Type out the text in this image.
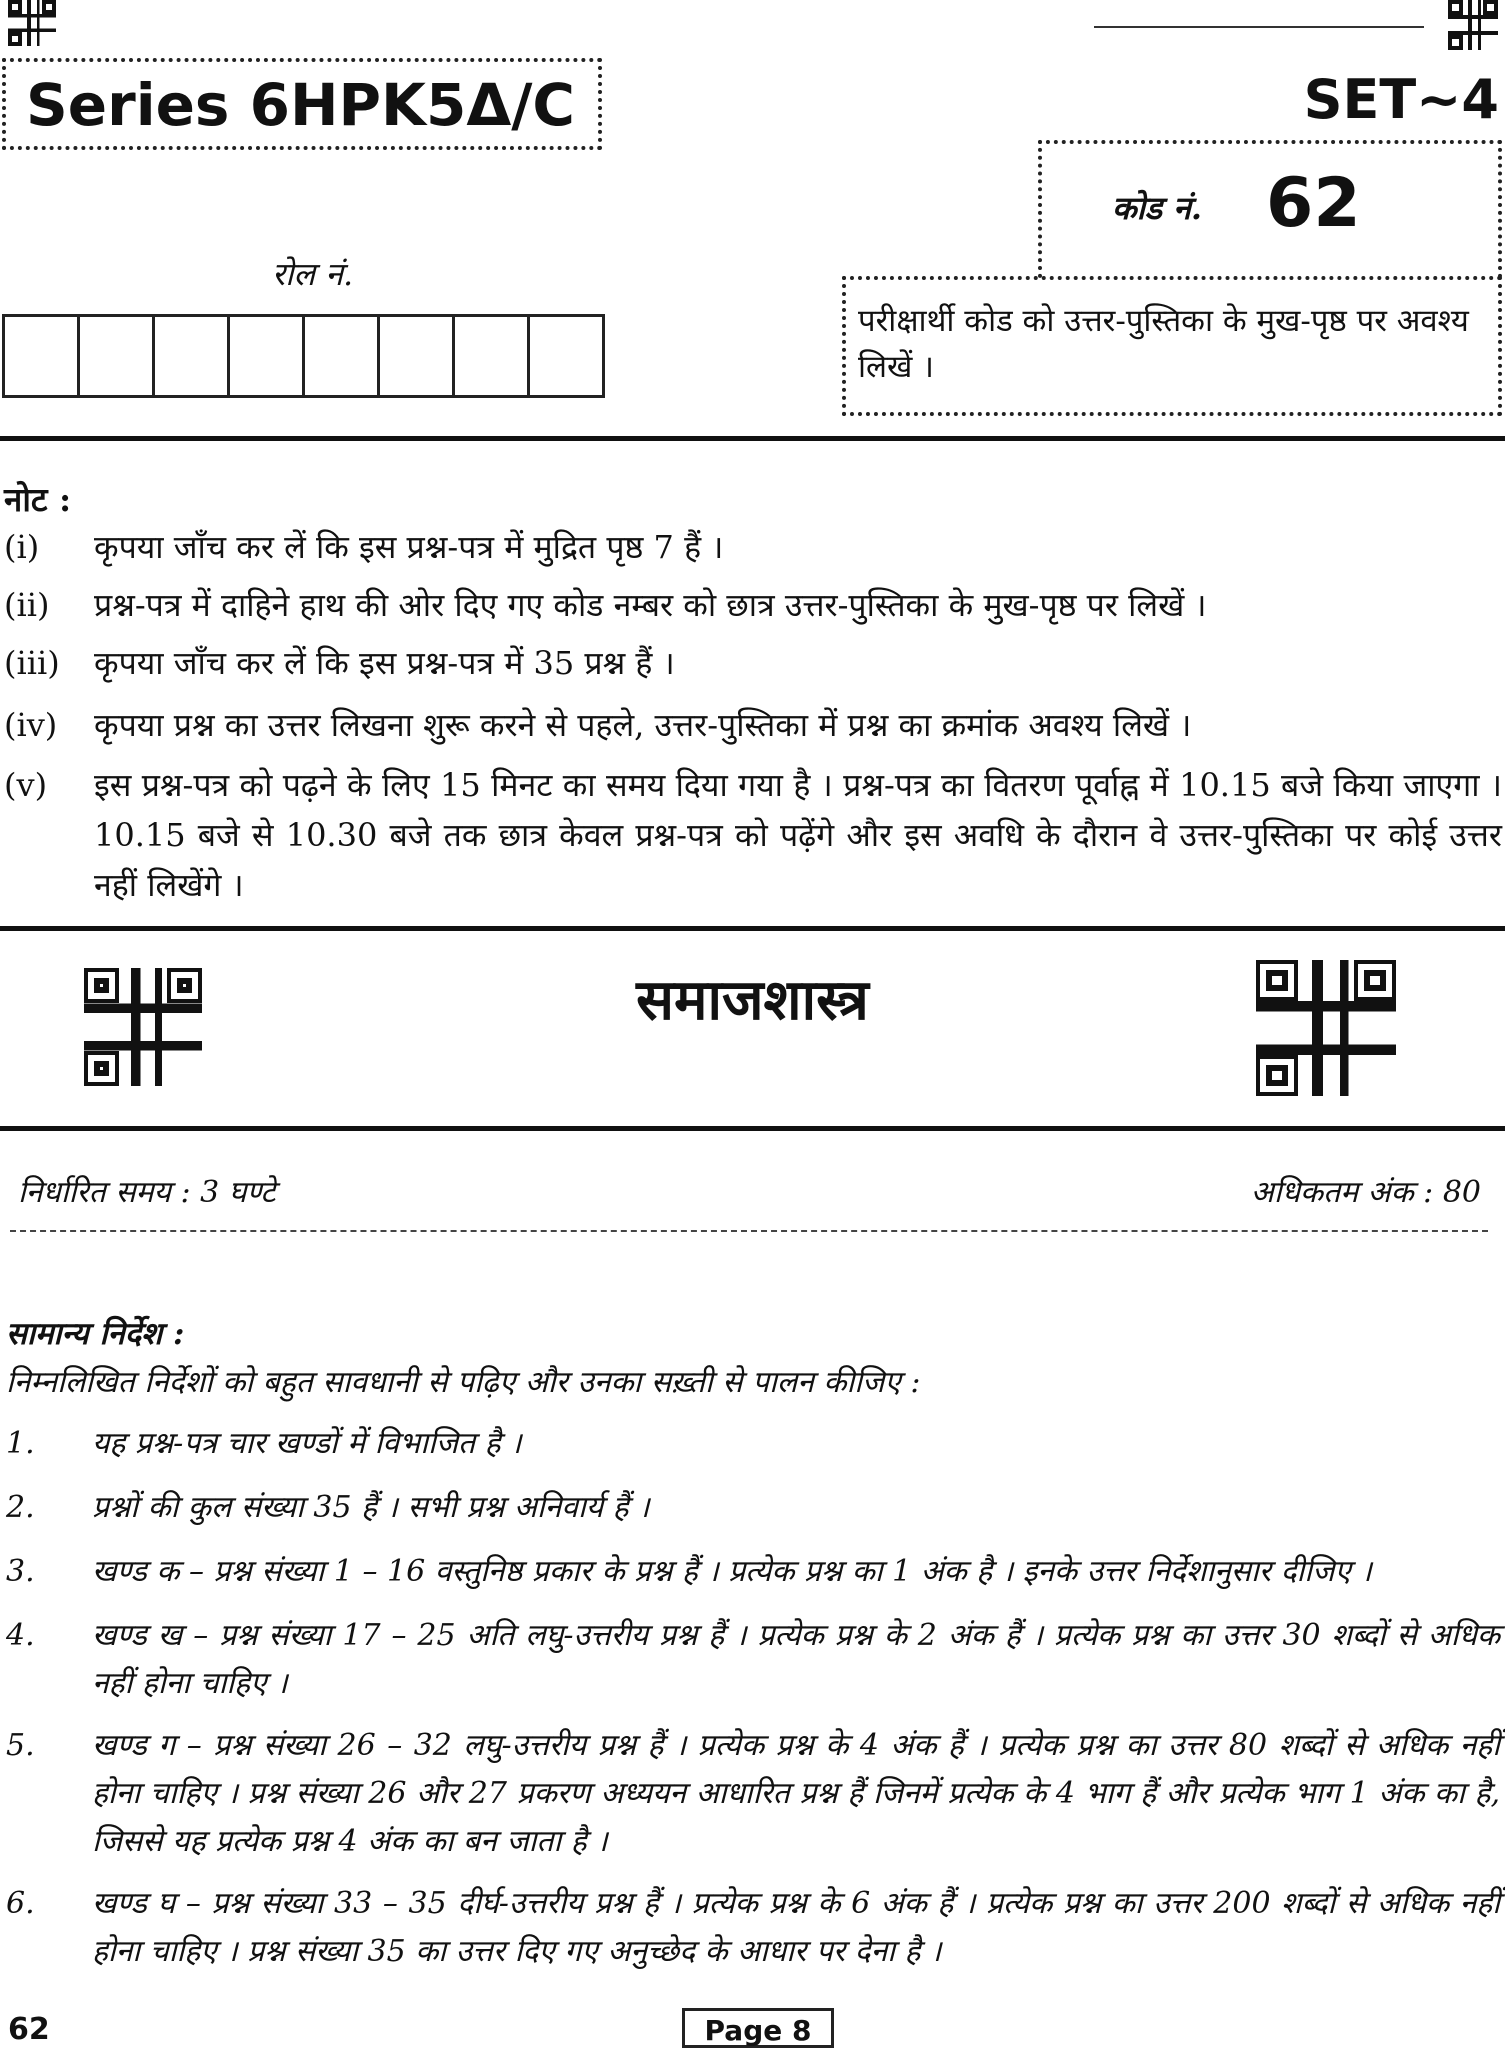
Series 6HPK5Δ/C	SET~4
कोड नं. 62
परीक्षार्थी कोड को उत्तर-पुस्तिका के मुख-पृष्ठ पर अवश्य लिखें ।
रोल नं.
नोट :
(i) कृपया जाँच कर लें कि इस प्रश्न-पत्र में मुद्रित पृष्ठ 7 हैं ।
(ii) प्रश्न-पत्र में दाहिने हाथ की ओर दिए गए कोड नम्बर को छात्र उत्तर-पुस्तिका के मुख-पृष्ठ पर लिखें ।
(iii) कृपया जाँच कर लें कि इस प्रश्न-पत्र में 35 प्रश्न हैं ।
(iv) कृपया प्रश्न का उत्तर लिखना शुरू करने से पहले, उत्तर-पुस्तिका में प्रश्न का क्रमांक अवश्य लिखें ।
(v) इस प्रश्न-पत्र को पढ़ने के लिए 15 मिनट का समय दिया गया है । प्रश्न-पत्र का वितरण पूर्वाह्न में 10.15 बजे किया जाएगा । 10.15 बजे से 10.30 बजे तक छात्र केवल प्रश्न-पत्र को पढ़ेंगे और इस अवधि के दौरान वे उत्तर-पुस्तिका पर कोई उत्तर नहीं लिखेंगे ।
समाजशास्त्र
निर्धारित समय : 3 घण्टे	अधिकतम अंक : 80
सामान्य निर्देश :
निम्नलिखित निर्देशों को बहुत सावधानी से पढ़िए और उनका सख़्ती से पालन कीजिए :
1. यह प्रश्न-पत्र चार खण्डों में विभाजित है ।
2. प्रश्नों की कुल संख्या 35 हैं । सभी प्रश्न अनिवार्य हैं ।
3. खण्ड क – प्रश्न संख्या 1 – 16 वस्तुनिष्ठ प्रकार के प्रश्न हैं । प्रत्येक प्रश्न का 1 अंक है । इनके उत्तर निर्देशानुसार दीजिए ।
4. खण्ड ख – प्रश्न संख्या 17 – 25 अति लघु-उत्तरीय प्रश्न हैं । प्रत्येक प्रश्न के 2 अंक हैं । प्रत्येक प्रश्न का उत्तर 30 शब्दों से अधिक नहीं होना चाहिए ।
5. खण्ड ग – प्रश्न संख्या 26 – 32 लघु-उत्तरीय प्रश्न हैं । प्रत्येक प्रश्न के 4 अंक हैं । प्रत्येक प्रश्न का उत्तर 80 शब्दों से अधिक नहीं होना चाहिए । प्रश्न संख्या 26 और 27 प्रकरण अध्ययन आधारित प्रश्न हैं जिनमें प्रत्येक के 4 भाग हैं और प्रत्येक भाग 1 अंक का है, जिससे यह प्रत्येक प्रश्न 4 अंक का बन जाता है ।
6. खण्ड घ – प्रश्न संख्या 33 – 35 दीर्घ-उत्तरीय प्रश्न हैं । प्रत्येक प्रश्न के 6 अंक हैं । प्रत्येक प्रश्न का उत्तर 200 शब्दों से अधिक नहीं होना चाहिए । प्रश्न संख्या 35 का उत्तर दिए गए अनुच्छेद के आधार पर देना है ।
62	Page 8
